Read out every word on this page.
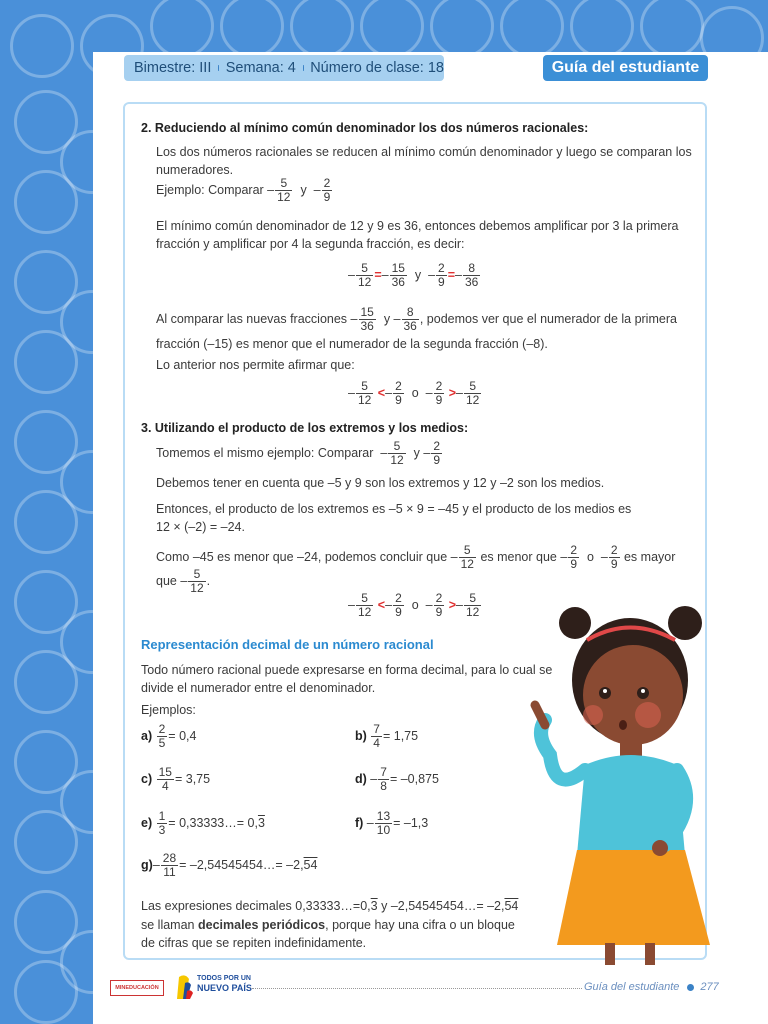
Bimestre: III Semana: 4 Número de clase: 18	Guía del estudiante
2. Reduciendo al mínimo común denominador los dos números racionales:
Los dos números racionales se reducen al mínimo común denominador y luego se comparan los
numeradores.
Ejemplo: Comparar – $\frac{5}{12}$ y  – $\frac{2}{9}$
El mínimo común denominador de 12 y 9 es 36, entonces debemos amplificar por 3 la primera
fracción y amplificar por 4 la segunda fracción, es decir:
– $\frac{5}{12} =- \frac{15}{36}$ $y - \frac{2}{9} =- \frac{8}{36}$
Al comparar las nuevas fracciones – $\frac{15}{36}$ y – $\frac{8}{36}$ , podemos ver que el numerador de la primera
fracción (–15) es menor que el numerador de la segunda fracción (–8).
Lo anterior nos permite afirmar que:
– $\frac{5}{12} <- \frac{2}{9}$ $o - \frac{2}{9} >- \frac{5}{12}$
3. Utilizando el producto de los extremos y los medios:
Tomemos el mismo ejemplo: Comparar  – $\frac{5}{12}$ y – $\frac{2}{9}$
Debemos tener en cuenta que –5 y 9 son los extremos y 12 y –2 son los medios.
Entonces, el producto de los extremos es –5 × 9 = –45 y el producto de los medios es
12 × (–2) = –24.
Como –45 es menor que –24, podemos concluir que – $\frac{5}{12}$ es menor que – $\frac{2}{9}$ o  – $\frac{2}{9}$ es mayor
que – $\frac{5}{12}$ .
– $\frac{5}{12} <- \frac{2}{9}$ $o - \frac{2}{9} >- \frac{5}{12}$
Representación decimal de un número racional
Todo número racional puede expresarse en forma decimal, para lo cual se
divide el numerador entre el denominador.
Ejemplos:
$a) \frac{2}{5} = 0,4$	$b) \frac{7}{4} = 1,75$
$c) \frac{15}{4} = 3,75$	$d) - \frac{7}{8} = -0,875$
$e) \frac{1}{3}$ = 0,33333…= 0,3	$f) - \frac{13}{10} = -1,3$
$g)- \frac{28}{11}$ = –2,54545454…= –2,54
Las expresiones decimales 0,33333…=0,3 y –2,54545454…= –2,54
se llaman decimales periódicos, porque hay una cifra o un bloque
de cifras que se repiten indefinidamente.
MINEDUCACIÓN
TODOS POR UN
NUEVO PAÍS	Guía del estudiante 277
